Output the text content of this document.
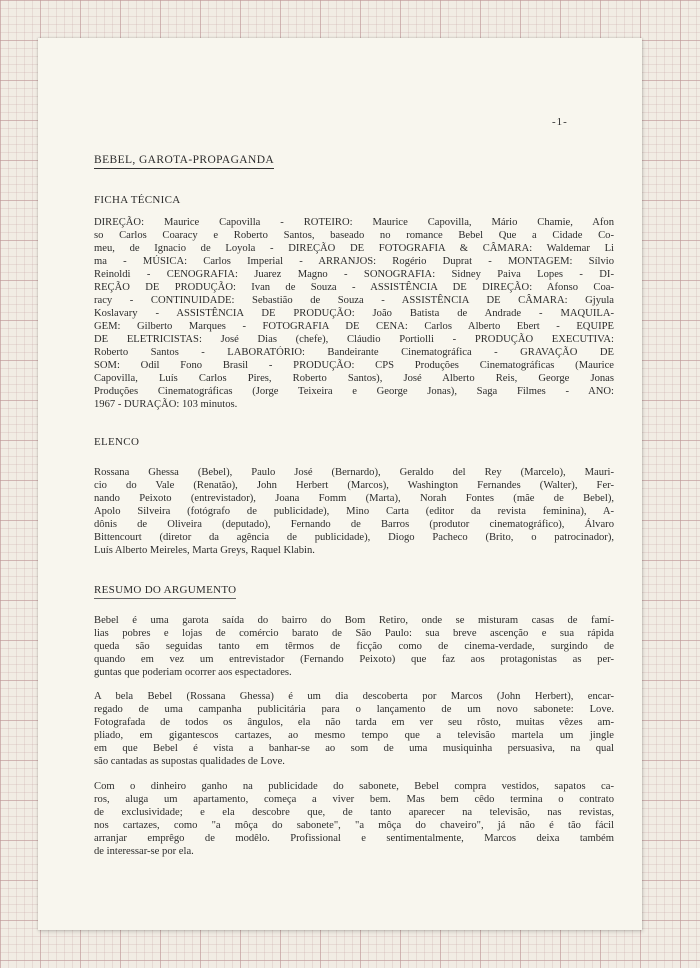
-1-
BEBEL, GAROTA-PROPAGANDA
FICHA TÉCNICA
DIREÇÃO: Maurice Capovilla - ROTEIRO: Maurice Capovilla, Mário Chamie, Afon
so Carlos Coaracy e Roberto Santos, baseado no romance Bebel Que a Cidade Co-
meu, de Ignacio de Loyola - DIREÇÃO DE FOTOGRAFIA & CÂMARA: Waldemar Li
ma - MÚSICA: Carlos Imperial - ARRANJOS: Rogério Duprat - MONTAGEM: Sílvio
Reinoldi - CENOGRAFIA: Juarez Magno - SONOGRAFIA: Sidney Paiva Lopes - DI-
REÇÃO DE PRODUÇÃO: Ivan de Souza - ASSISTÊNCIA DE DIREÇÃO: Afonso Coa-
racy - CONTINUIDADE: Sebastião de Souza - ASSISTÊNCIA DE CÂMARA: Gjyula
Koslavary - ASSISTÊNCIA DE PRODUÇÃO: João Batista de Andrade - MAQUILA-
GEM: Gilberto Marques - FOTOGRAFIA DE CENA: Carlos Alberto Ebert - EQUIPE
DE ELETRICISTAS: José Dias (chefe), Cláudio Portiolli - PRODUÇÃO EXECUTIVA:
Roberto Santos - LABORATÓRIO: Bandeirante Cinematográfica - GRAVAÇÃO DE
SOM: Odil Fono Brasil - PRODUÇÃO: CPS Produções Cinematográficas (Maurice
Capovilla, Luís Carlos Pires, Roberto Santos), José Alberto Reis, George Jonas
Produções Cinematográficas (Jorge Teixeira e George Jonas), Saga Filmes - ANO:
1967 - DURAÇÃO: 103 minutos.
ELENCO
Rossana Ghessa (Bebel), Paulo José (Bernardo), Geraldo del Rey (Marcelo), Mauri-
cio do Vale (Renatão), John Herbert (Marcos), Washington Fernandes (Walter), Fer-
nando Peixoto (entrevistador), Joana Fomm (Marta), Norah Fontes (mãe de Bebel),
Apolo Silveira (fotógrafo de publicidade), Mino Carta (editor da revista feminina), A-
dônis de Oliveira (deputado), Fernando de Barros (produtor cinematográfico), Álvaro
Bittencourt (diretor da agência de publicidade), Diogo Pacheco (Brito, o patrocinador),
Luís Alberto Meireles, Marta Greys, Raquel Klabin.
RESUMO DO ARGUMENTO
Bebel é uma garota saída do bairro do Bom Retiro, onde se misturam casas de famí-
lias pobres e lojas de comércio barato de São Paulo: sua breve ascenção e sua rápida
queda são seguidas tanto em têrmos de ficção como de cinema-verdade, surgindo de
quando em vez um entrevistador (Fernando Peixoto) que faz aos protagonistas as per-
guntas que poderiam ocorrer aos espectadores.
A bela Bebel (Rossana Ghessa) é um dia descoberta por Marcos (John Herbert), encar-
regado de uma campanha publicitária para o lançamento de um novo sabonete: Love.
Fotografada de todos os ângulos, ela não tarda em ver seu rôsto, muitas vêzes am-
pliado, em gigantescos cartazes, ao mesmo tempo que a televisão martela um jingle
em que Bebel é vista a banhar-se ao som de uma musiquinha persuasiva, na qual
são cantadas as supostas qualidades de Love.
Com o dinheiro ganho na publicidade do sabonete, Bebel compra vestidos, sapatos ca-
ros, aluga um apartamento, começa a viver bem. Mas bem cêdo termina o contrato
de exclusividade; e ela descobre que, de tanto aparecer na televisão, nas revistas,
nos cartazes, como "a môça do sabonete", "a môça do chaveiro", já não é tão fácil
arranjar emprêgo de modêlo. Profissional e sentimentalmente, Marcos deixa também
de interessar-se por ela.
